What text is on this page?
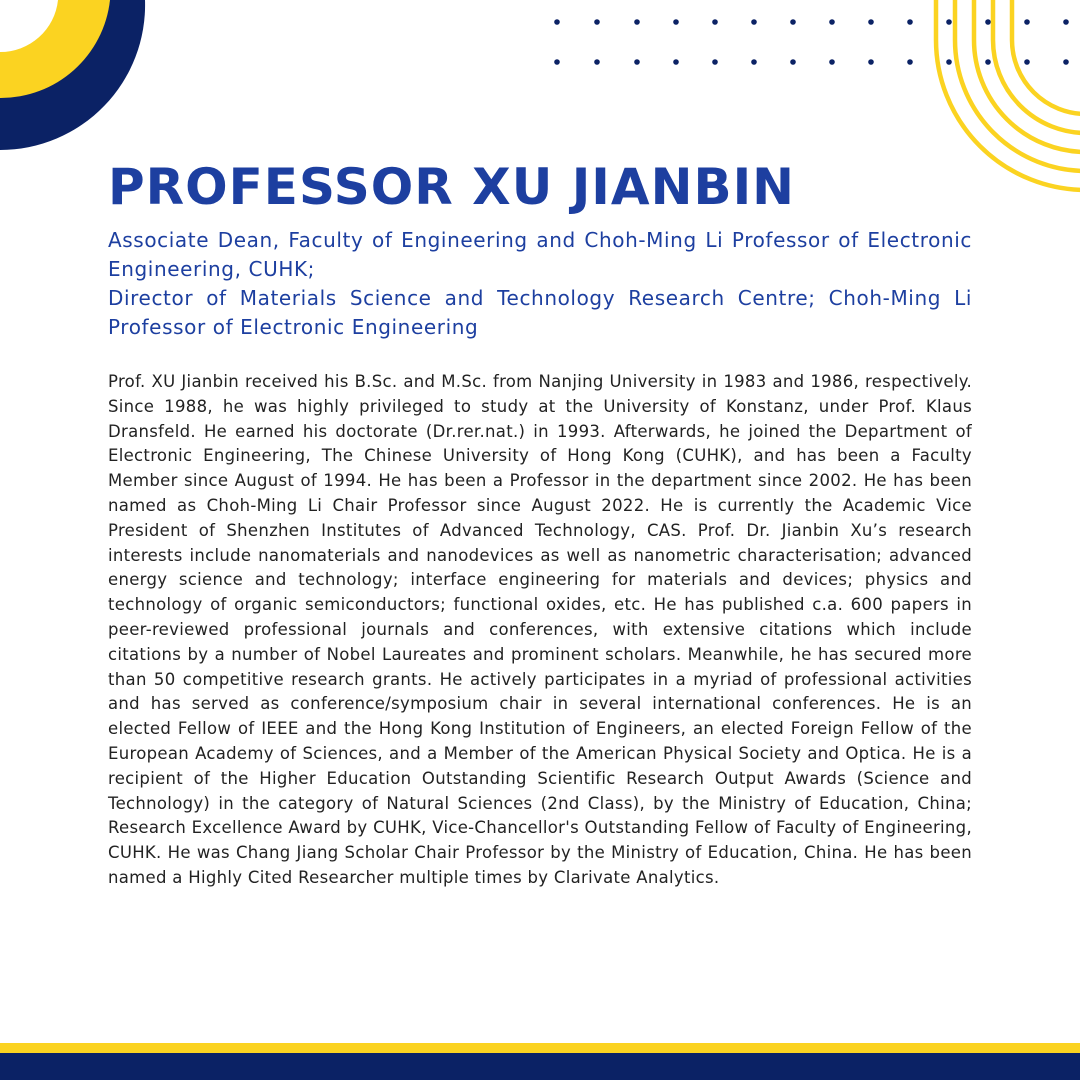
PROFESSOR XU JIANBIN

Associate Dean, Faculty of Engineering and Choh-Ming Li Professor of Electronic Engineering, CUHK;

Director of Materials Science and Technology Research Centre; Choh-Ming Li Professor of Electronic Engineering

Prof. XU Jianbin received his B.Sc. and M.Sc. from Nanjing University in 1983 and 1986, respectively. Since 1988, he was highly privileged to study at the University of Konstanz, under Prof. Klaus Dransfeld. He earned his doctorate (Dr.rer.nat.) in 1993. Afterwards, he joined the Department of Electronic Engineering, The Chinese University of Hong Kong (CUHK), and has been a Faculty Member since August of 1994. He has been a Professor in the department since 2002. He has been named as Choh-Ming Li Chair Professor since August 2022. He is currently the Academic Vice President of Shenzhen Institutes of Advanced Technology, CAS. Prof. Dr. Jianbin Xu’s research interests include nanomaterials and nanodevices as well as nanometric characterisation; advanced energy science and technology; interface engineering for materials and devices; physics and technology of organic semiconductors; functional oxides, etc. He has published c.a. 600 papers in peer-reviewed professional journals and conferences, with extensive citations which include citations by a number of Nobel Laureates and prominent scholars. Meanwhile, he has secured more than 50 competitive research grants. He actively participates in a myriad of professional activities and has served as conference/symposium chair in several international conferences. He is an elected Fellow of IEEE and the Hong Kong Institution of Engineers, an elected Foreign Fellow of the European Academy of Sciences, and a Member of the American Physical Society and Optica. He is a recipient of the Higher Education Outstanding Scientific Research Output Awards (Science and Technology) in the category of Natural Sciences (2nd Class), by the Ministry of Education, China; Research Excellence Award by CUHK, Vice-Chancellor's Outstanding Fellow of Faculty of Engineering, CUHK. He was Chang Jiang Scholar Chair Professor by the Ministry of Education, China. He has been named a Highly Cited Researcher multiple times by Clarivate Analytics.
